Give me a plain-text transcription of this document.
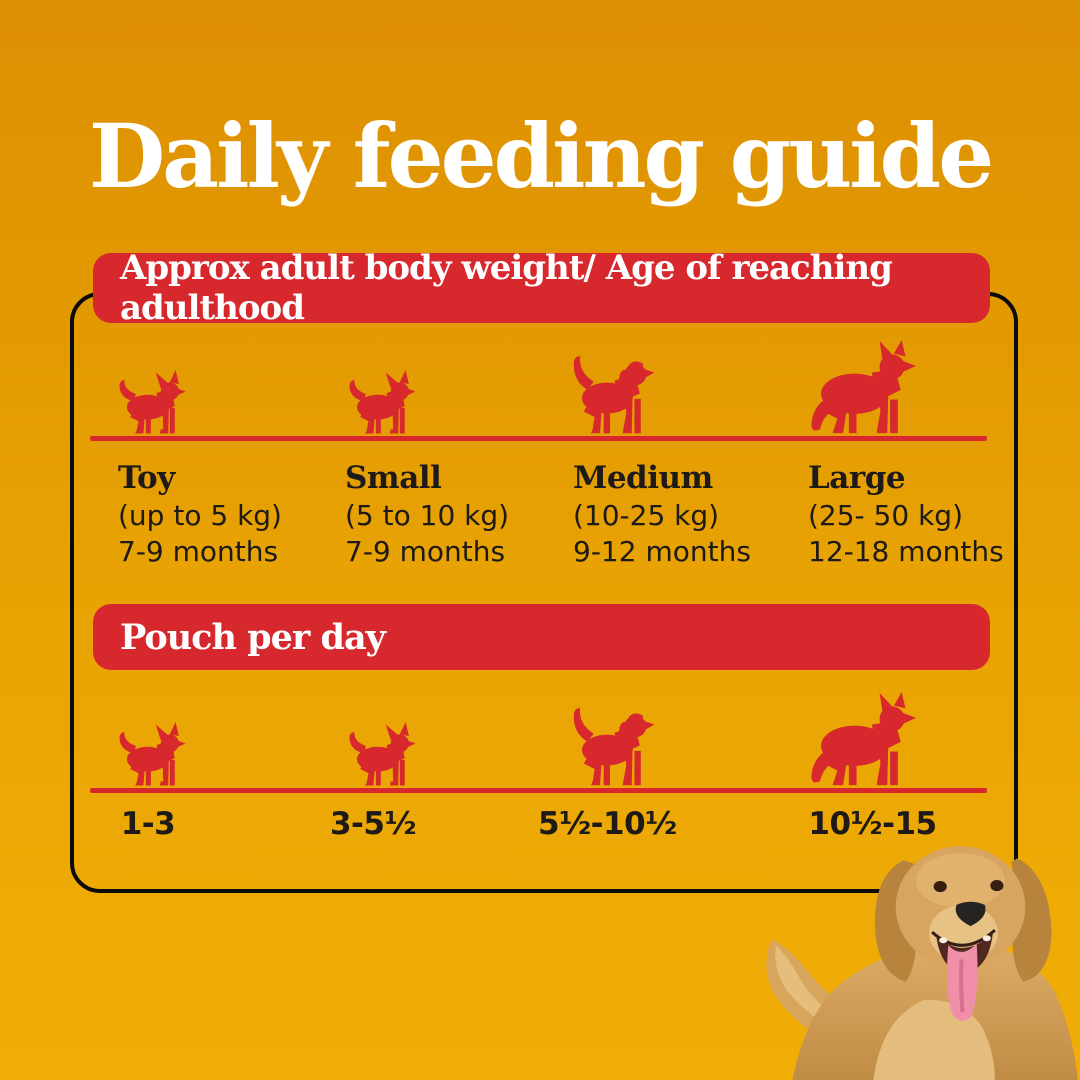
Daily feeding guide
Approx adult body weight/ Age of reaching adulthood
Toy
(up to 5 kg)
7-9 months
Small
(5 to 10 kg)
7-9 months
Medium
(10-25 kg)
9-12 months
Large
(25- 50 kg)
12-18 months
Pouch per day
1-3	3-5½	5½-10½	10½-15
